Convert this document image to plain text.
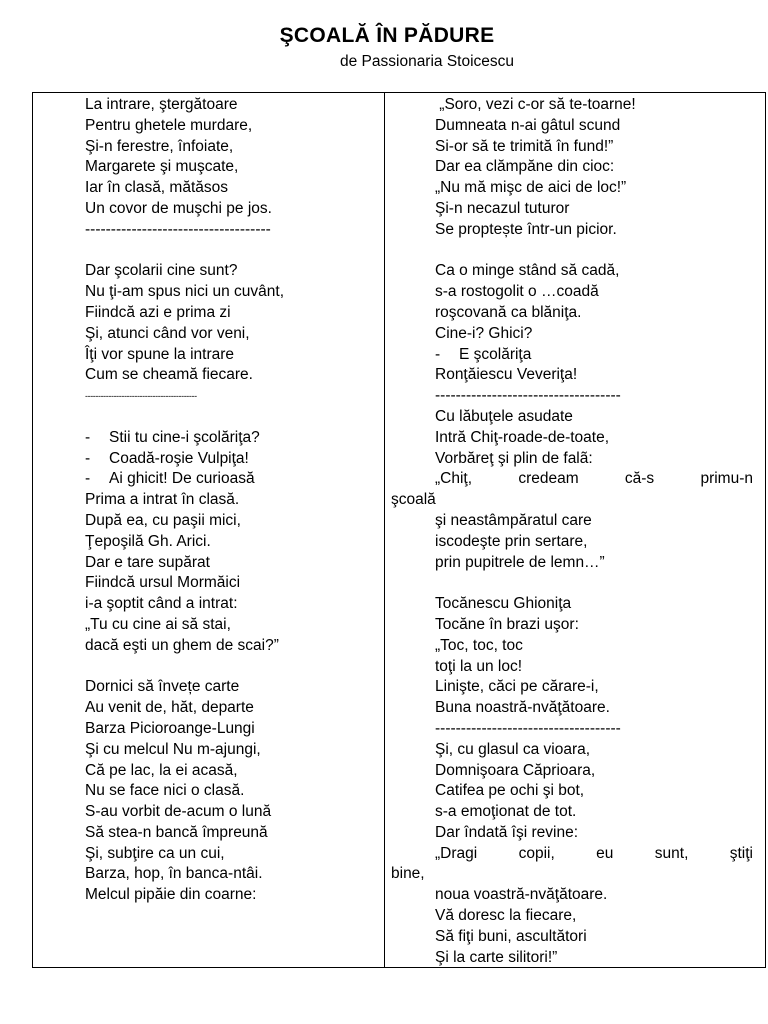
ŞCOALĂ ÎN PĂDURE
de Passionaria Stoicescu
La intrare, ştergătoare
Pentru ghetele murdare,
Şi-n ferestre, înfoiate,
Margarete şi muşcate,
Iar în clasă, mătăsos
Un covor de muşchi pe jos.
------------------------------------
Dar şcolarii cine sunt?
Nu ţi-am spus nici un cuvânt,
Fiindcă azi e prima zi
Şi, atunci când vor veni,
Îţi vor spune la intrare
Cum se cheamă fiecare.
-------------------------------------------
-	Stii tu cine-i şcolăriţa?
-	Coadă-roşie Vulpiţa!
-	Ai ghicit! De curioasă
Prima a intrat în clasă.
După ea, cu paşii mici,
Ţepoşilă Gh. Arici.
Dar e tare supărat
Fiindcă ursul Mormăici
i-a şoptit când a intrat:
„Tu cu cine ai să stai,
dacă eşti un ghem de scai?”
Dornici să învețe carte
Au venit de, hăt, departe
Barza Picioroange-Lungi
Şi cu melcul Nu m-ajungi,
Că pe lac, la ei acasă,
Nu se face nici o clasă.
S-au vorbit de-acum o lună
Să stea-n bancă împreună
Şi, subţire ca un cui,
Barza, hop, în banca-ntâi.
Melcul pipăie din coarne:
„Soro, vezi c-or să te-toarne!
Dumneata n-ai gâtul scund
Si-or să te trimită în fund!”
Dar ea clămpăne din cioc:
„Nu mă mişc de aici de loc!”
Şi-n necazul tuturor
Se proptește într-un picior.
Ca o minge stând să cadă,
s-a rostogolit o …coadă
roşcovană ca blăniţa.
Cine-i? Ghici?
-	E şcolăriţa
Ronţăiescu Veveriţa!
------------------------------------
Cu lăbuţele asudate
Intră Chiţ-roade-de-toate,
Vorbăreţ şi plin de falã:
„Chiţ,	credeam	că-s	primu-n
şcoală
şi neastâmpăratul care
iscodeşte prin sertare,
prin pupitrele de lemn…”
Tocănescu Ghioniţa
Tocăne în brazi uşor:
„Toc, toc, toc
toţi la un loc!
Linişte, căci pe cărare-i,
Buna noastră-nvăţătoare.
------------------------------------
Şi, cu glasul ca vioara,
Domnişoara Căprioara,
Catifea pe ochi şi bot,
s-a emoţionat de tot.
Dar îndată îşi revine:
„Dragi	copii,	eu	sunt,	ştiţi
bine,
noua voastră-nvăţătoare.
Vă doresc la fiecare,
Să fiţi buni, ascultători
Şi la carte silitori!”
